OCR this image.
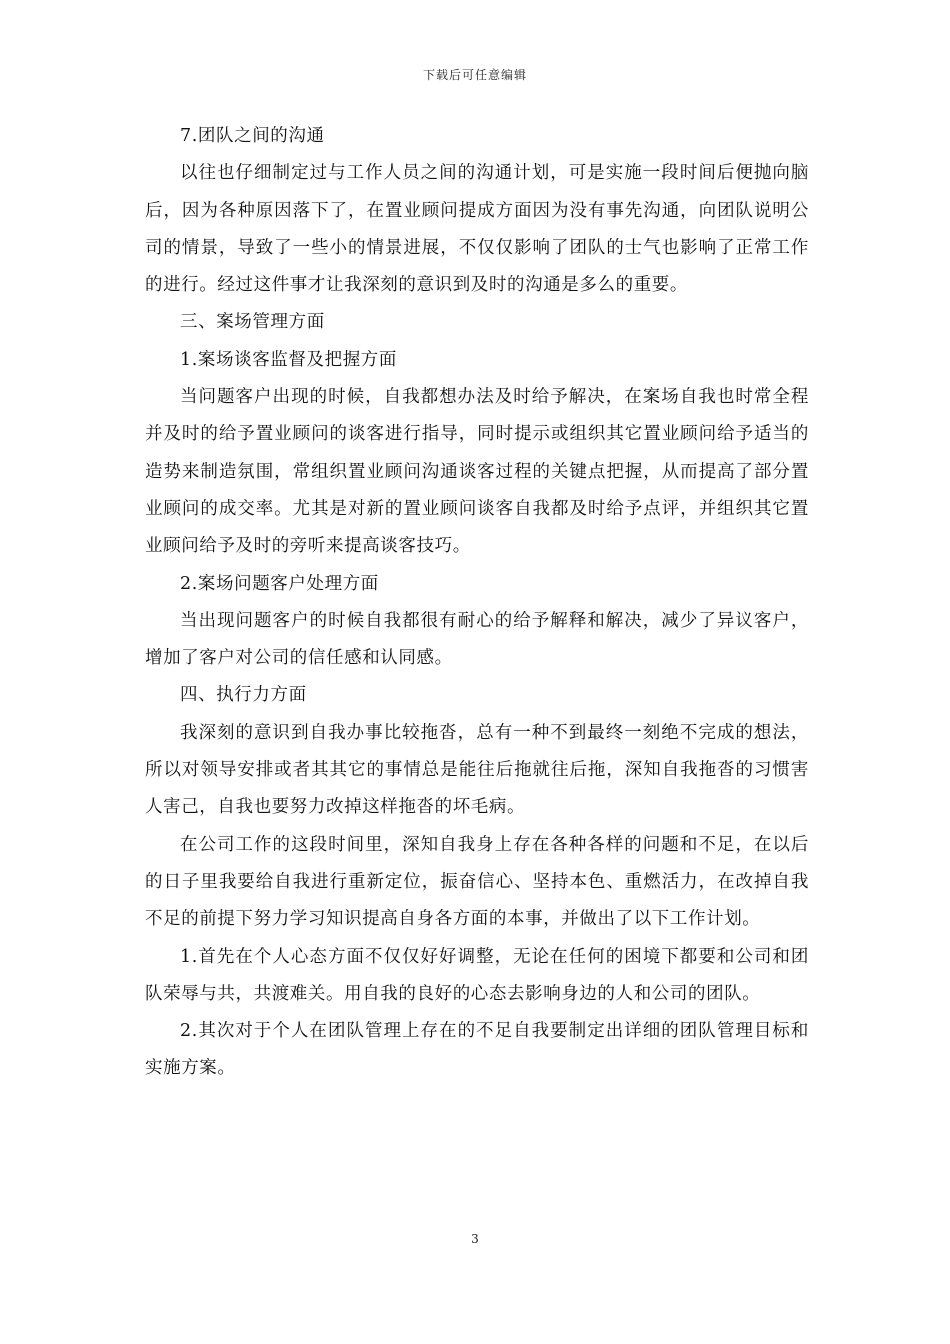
下载后可任意编辑

7.团队之间的沟通

以往也仔细制定过与工作人员之间的沟通计划，可是实施一段时间后便抛向脑后，因为各种原因落下了，在置业顾问提成方面因为没有事先沟通，向团队说明公司的情景，导致了一些小的情景进展，不仅仅影响了团队的士气也影响了正常工作的进行。经过这件事才让我深刻的意识到及时的沟通是多么的重要。

三、案场管理方面

1.案场谈客监督及把握方面

当问题客户出现的时候，自我都想办法及时给予解决，在案场自我也时常全程并及时的给予置业顾问的谈客进行指导，同时提示或组织其它置业顾问给予适当的造势来制造氛围，常组织置业顾问沟通谈客过程的关键点把握，从而提高了部分置业顾问的成交率。尤其是对新的置业顾问谈客自我都及时给予点评，并组织其它置业顾问给予及时的旁听来提高谈客技巧。

2.案场问题客户处理方面

当出现问题客户的时候自我都很有耐心的给予解释和解决，减少了异议客户，增加了客户对公司的信任感和认同感。

四、执行力方面

我深刻的意识到自我办事比较拖沓，总有一种不到最终一刻绝不完成的想法，所以对领导安排或者其其它的事情总是能往后拖就往后拖，深知自我拖沓的习惯害人害己，自我也要努力改掉这样拖沓的坏毛病。

在公司工作的这段时间里，深知自我身上存在各种各样的问题和不足，在以后的日子里我要给自我进行重新定位，振奋信心、坚持本色、重燃活力，在改掉自我不足的前提下努力学习知识提高自身各方面的本事，并做出了以下工作计划。

1.首先在个人心态方面不仅仅好好调整，无论在任何的困境下都要和公司和团队荣辱与共，共渡难关。用自我的良好的心态去影响身边的人和公司的团队。

2.其次对于个人在团队管理上存在的不足自我要制定出详细的团队管理目标和实施方案。

3
